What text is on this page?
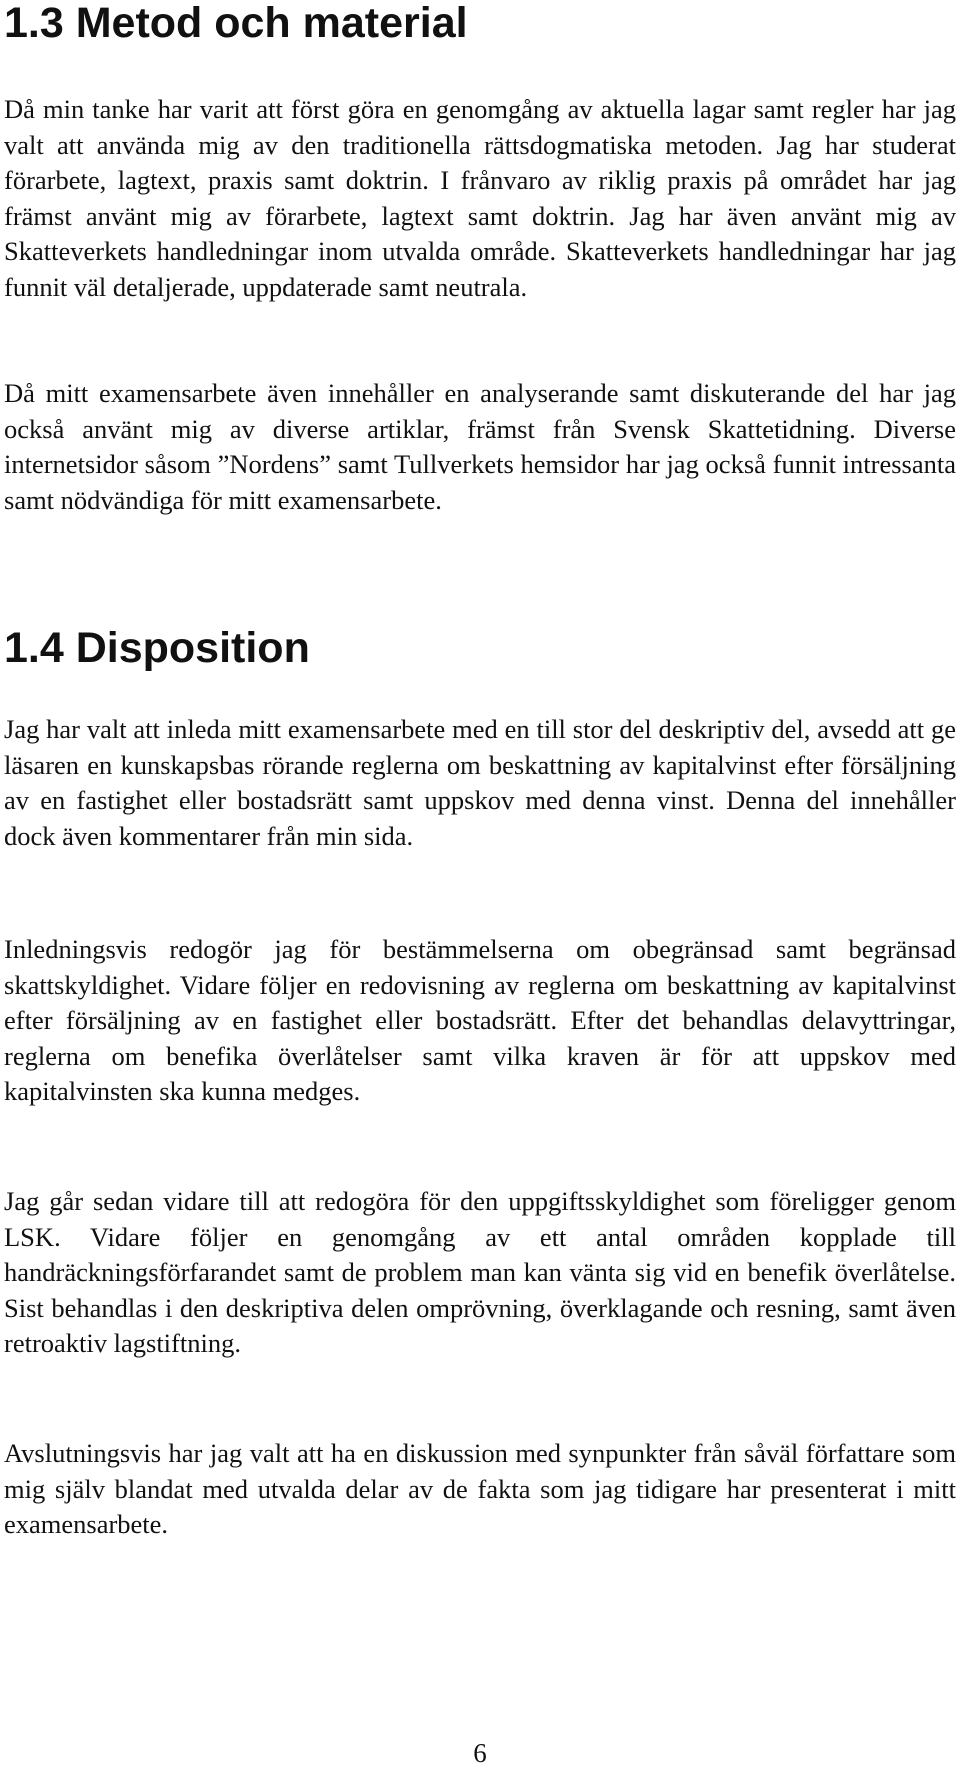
1.3 Metod och material

Då min tanke har varit att först göra en genomgång av aktuella lagar samt regler har jag valt att använda mig av den traditionella rättsdogmatiska metoden. Jag har studerat förarbete, lagtext, praxis samt doktrin. I frånvaro av riklig praxis på området har jag främst använt mig av förarbete, lagtext samt doktrin. Jag har även använt mig av Skatteverkets handledningar inom utvalda område. Skatteverkets handledningar har jag funnit väl detaljerade, uppdaterade samt neutrala.

Då mitt examensarbete även innehåller en analyserande samt diskuterande del har jag också använt mig av diverse artiklar, främst från Svensk Skattetidning. Diverse internetsidor såsom ”Nordens” samt Tullverkets hemsidor har jag också funnit intressanta samt nödvändiga för mitt examensarbete.

1.4 Disposition

Jag har valt att inleda mitt examensarbete med en till stor del deskriptiv del, avsedd att ge läsaren en kunskapsbas rörande reglerna om beskattning av kapitalvinst efter försäljning av en fastighet eller bostadsrätt samt uppskov med denna vinst. Denna del innehåller dock även kommentarer från min sida.

Inledningsvis redogör jag för bestämmelserna om obegränsad samt begränsad skattskyldighet. Vidare följer en redovisning av reglerna om beskattning av kapitalvinst efter försäljning av en fastighet eller bostadsrätt. Efter det behandlas delavyttringar, reglerna om benefika överlåtelser samt vilka kraven är för att uppskov med kapitalvinsten ska kunna medges.

Jag går sedan vidare till att redogöra för den uppgiftsskyldighet som föreligger genom LSK. Vidare följer en genomgång av ett antal områden kopplade till handräckningsförfarandet samt de problem man kan vänta sig vid en benefik överlåtelse. Sist behandlas i den deskriptiva delen omprövning, överklagande och resning, samt även retroaktiv lagstiftning.

Avslutningsvis har jag valt att ha en diskussion med synpunkter från såväl författare som mig själv blandat med utvalda delar av de fakta som jag tidigare har presenterat i mitt examensarbete.

6
